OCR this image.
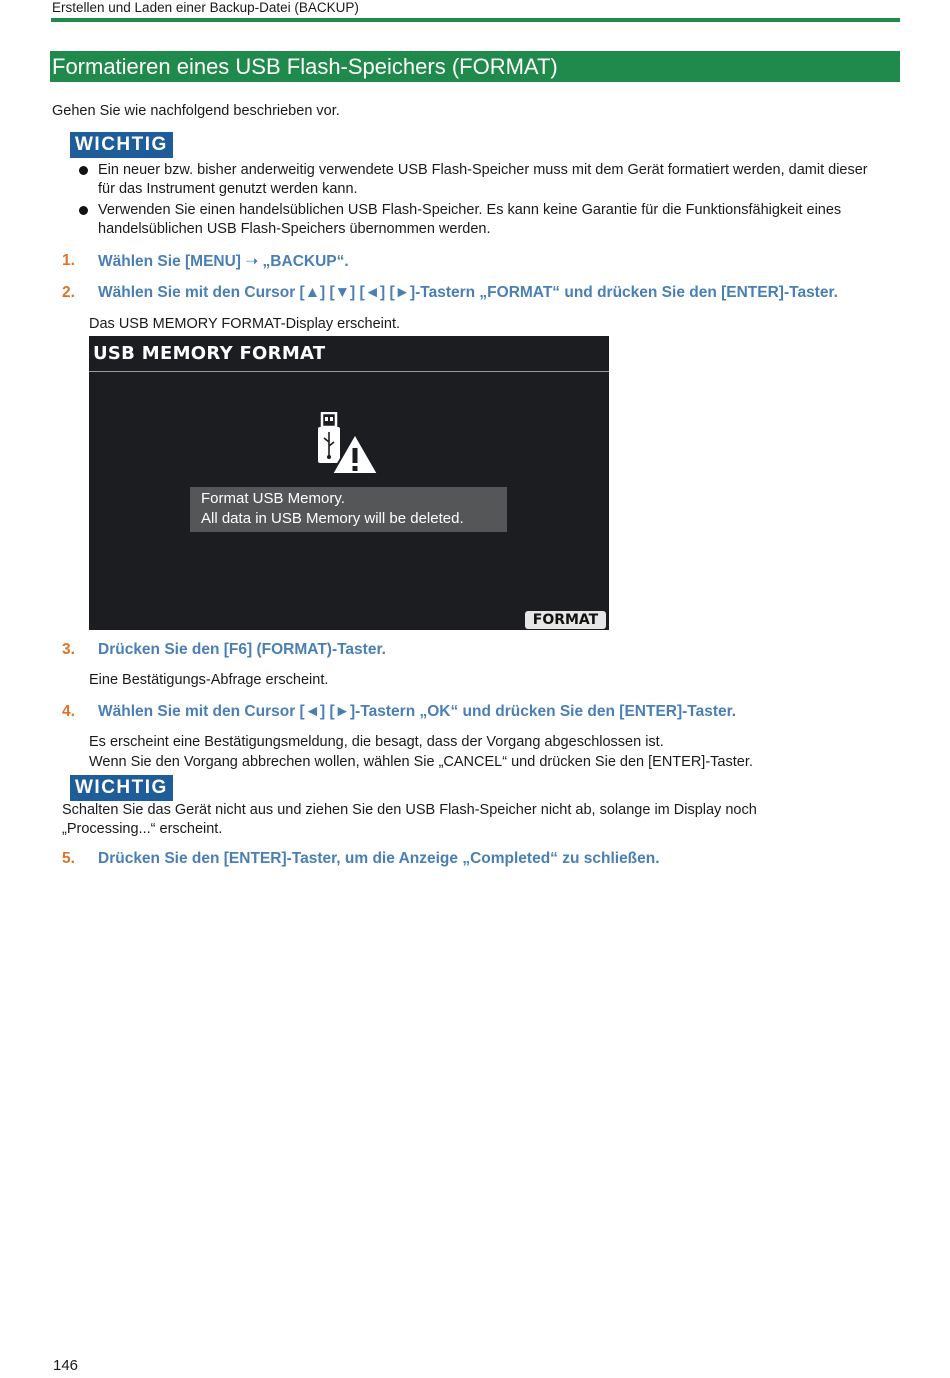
Erstellen und Laden einer Backup-Datei (BACKUP)
Formatieren eines USB Flash-Speichers (FORMAT)
Gehen Sie wie nachfolgend beschrieben vor.
WICHTIG
Ein neuer bzw. bisher anderweitig verwendete USB Flash-Speicher muss mit dem Gerät formatiert werden, damit dieser
für das Instrument genutzt werden kann.
Verwenden Sie einen handelsüblichen USB Flash-Speicher. Es kann keine Garantie für die Funktionsfähigkeit eines
handelsüblichen USB Flash-Speichers übernommen werden.
1. Wählen Sie [MENU] ➝ „BACKUP“.
2. Wählen Sie mit den Cursor [▲] [▼] [◄] [►]-Tastern „FORMAT“ und drücken Sie den [ENTER]-Taster.
Das USB MEMORY FORMAT-Display erscheint.
USB MEMORY FORMAT
Format USB Memory.
All data in USB Memory will be deleted.
FORMAT
3. Drücken Sie den [F6] (FORMAT)-Taster.
Eine Bestätigungs-Abfrage erscheint.
4. Wählen Sie mit den Cursor [◄] [►]-Tastern „OK“ und drücken Sie den [ENTER]-Taster.
Es erscheint eine Bestätigungsmeldung, die besagt, dass der Vorgang abgeschlossen ist.
Wenn Sie den Vorgang abbrechen wollen, wählen Sie „CANCEL“ und drücken Sie den [ENTER]-Taster.
WICHTIG
Schalten Sie das Gerät nicht aus und ziehen Sie den USB Flash-Speicher nicht ab, solange im Display noch
„Processing...“ erscheint.
5. Drücken Sie den [ENTER]-Taster, um die Anzeige „Completed“ zu schließen.
146
